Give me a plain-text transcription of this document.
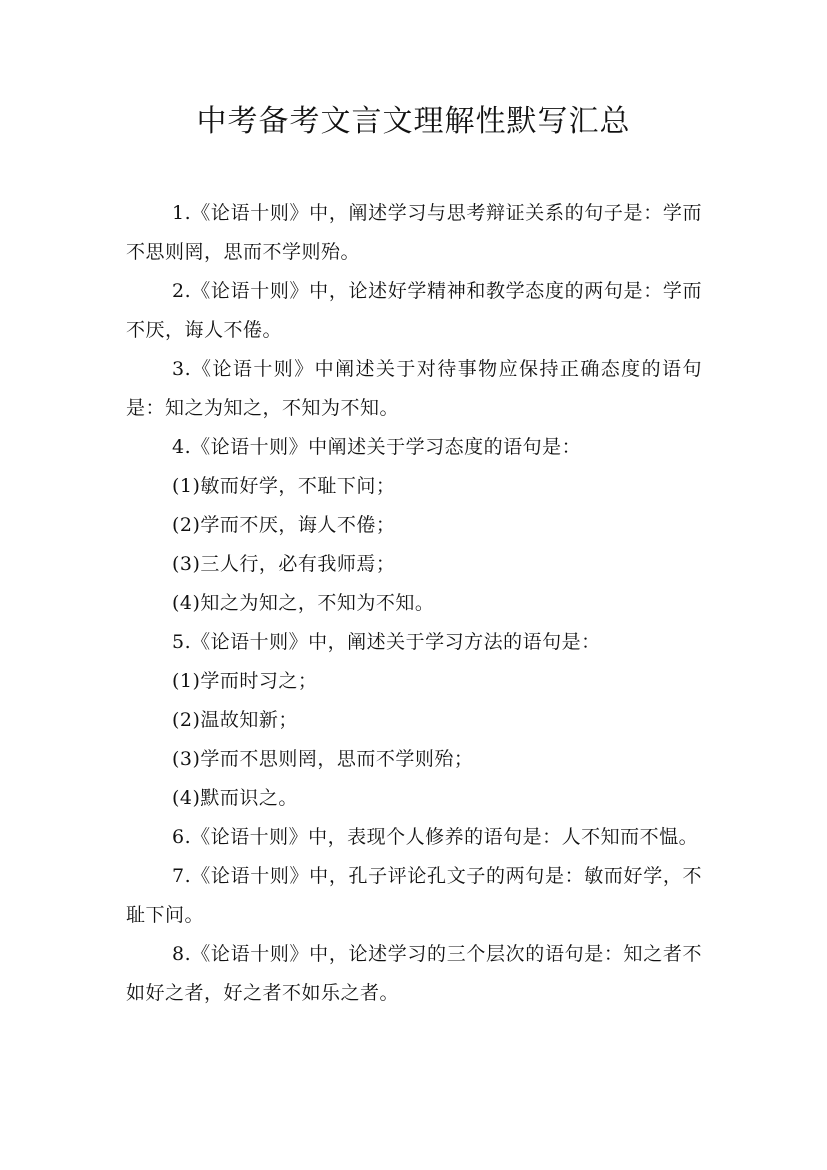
中考备考文言文理解性默写汇总

1.《论语十则》中，阐述学习与思考辩证关系的句子是：学而不思则罔，思而不学则殆。

2.《论语十则》中，论述好学精神和教学态度的两句是：学而不厌，诲人不倦。

3.《论语十则》中阐述关于对待事物应保持正确态度的语句是：知之为知之，不知为不知。

4.《论语十则》中阐述关于学习态度的语句是：

(1)敏而好学，不耻下问；

(2)学而不厌，诲人不倦；

(3)三人行，必有我师焉；

(4)知之为知之，不知为不知。

5.《论语十则》中，阐述关于学习方法的语句是：

(1)学而时习之；

(2)温故知新；

(3)学而不思则罔，思而不学则殆；

(4)默而识之。

6.《论语十则》中，表现个人修养的语句是：人不知而不愠。

7.《论语十则》中，孔子评论孔文子的两句是：敏而好学，不耻下问。

8.《论语十则》中，论述学习的三个层次的语句是：知之者不如好之者，好之者不如乐之者。
